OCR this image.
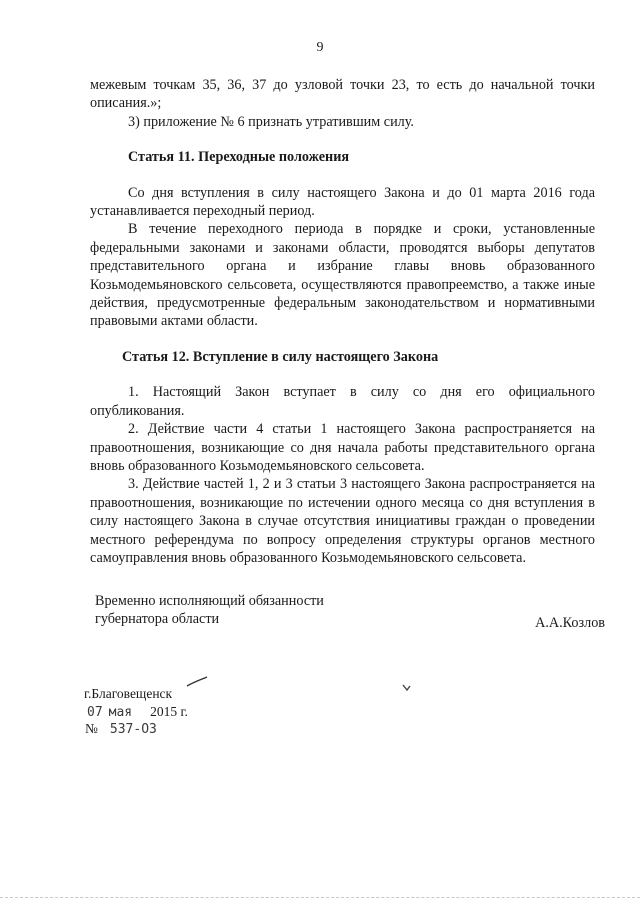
9

межевым точкам 35, 36, 37 до узловой точки 23, то есть до начальной точки описания.»;

3) приложение № 6 признать утратившим силу.

Статья 11. Переходные положения

Со дня вступления в силу настоящего Закона и до 01 марта 2016 года устанавливается переходный период.

В течение переходного периода в порядке и сроки, установленные федеральными законами и законами области, проводятся выборы депутатов представительного органа и избрание главы вновь образованного Козьмодемьяновского сельсовета, осуществляются правопреемство, а также иные действия, предусмотренные федеральным законодательством и нормативными правовыми актами области.

Статья 12. Вступление в силу настоящего Закона

1. Настоящий Закон вступает в силу со дня его официального опубликования.

2. Действие части 4 статьи 1 настоящего Закона распространяется на правоотношения, возникающие со дня начала работы представительного органа вновь образованного Козьмодемьяновского сельсовета.

3. Действие частей 1, 2 и 3 статьи 3 настоящего Закона распространяется на правоотношения, возникающие по истечении одного месяца со дня вступления в силу настоящего Закона в случае отсутствия инициативы граждан о проведении местного референдума по вопросу определения структуры органов местного самоуправления вновь образованного Козьмодемьяновского сельсовета.

Временно исполняющий обязанности
губернатора области	А.А.Козлов
г.Благовещенск
07 мая 2015 г.
№ 537-ОЗ
